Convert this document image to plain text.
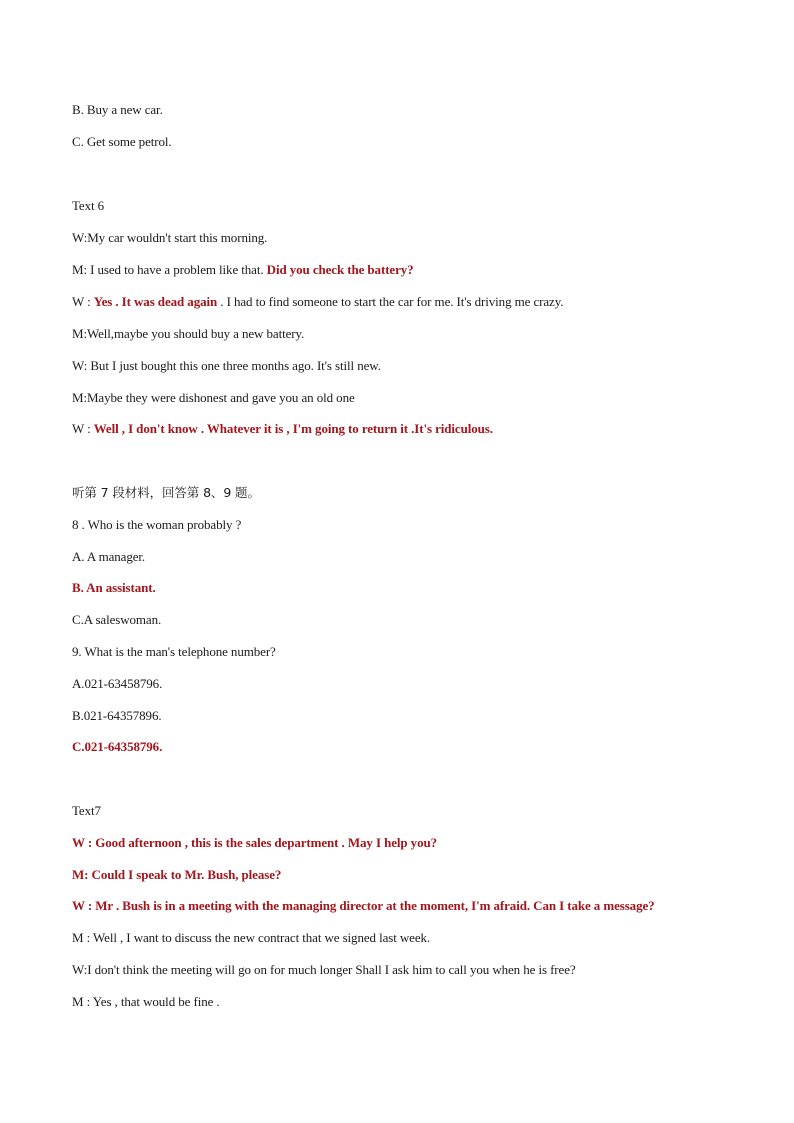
B. Buy a new car.
C. Get some petrol.
Text 6
W:My car wouldn't start this morning.
M: I used to have a problem like that. Did you check the battery?
W : Yes . It was dead again . I had to find someone to start the car for me. It's driving me crazy.
M:Well,maybe you should buy a new battery.
W: But I just bought this one three months ago. It's still new.
M:Maybe they were dishonest and gave you an old one
W : Well , I don't know . Whatever it is , I'm going to return it .It's ridiculous.
听第 7 段材料，回答第 8、9 题。
8 . Who is the woman probably ?
A. A manager.
B. An assistant.
C.A saleswoman.
9. What is the man's telephone number?
A.021-63458796.
B.021-64357896.
C.021-64358796.
Text7
W : Good afternoon , this is the sales department . May I help you?
M: Could I speak to Mr. Bush, please?
W : Mr . Bush is in a meeting with the managing director at the moment, I'm afraid. Can I take a message?
M : Well , I want to discuss the new contract that we signed last week.
W:I don't think the meeting will go on for much longer Shall I ask him to call you when he is free?
M : Yes , that would be fine .
